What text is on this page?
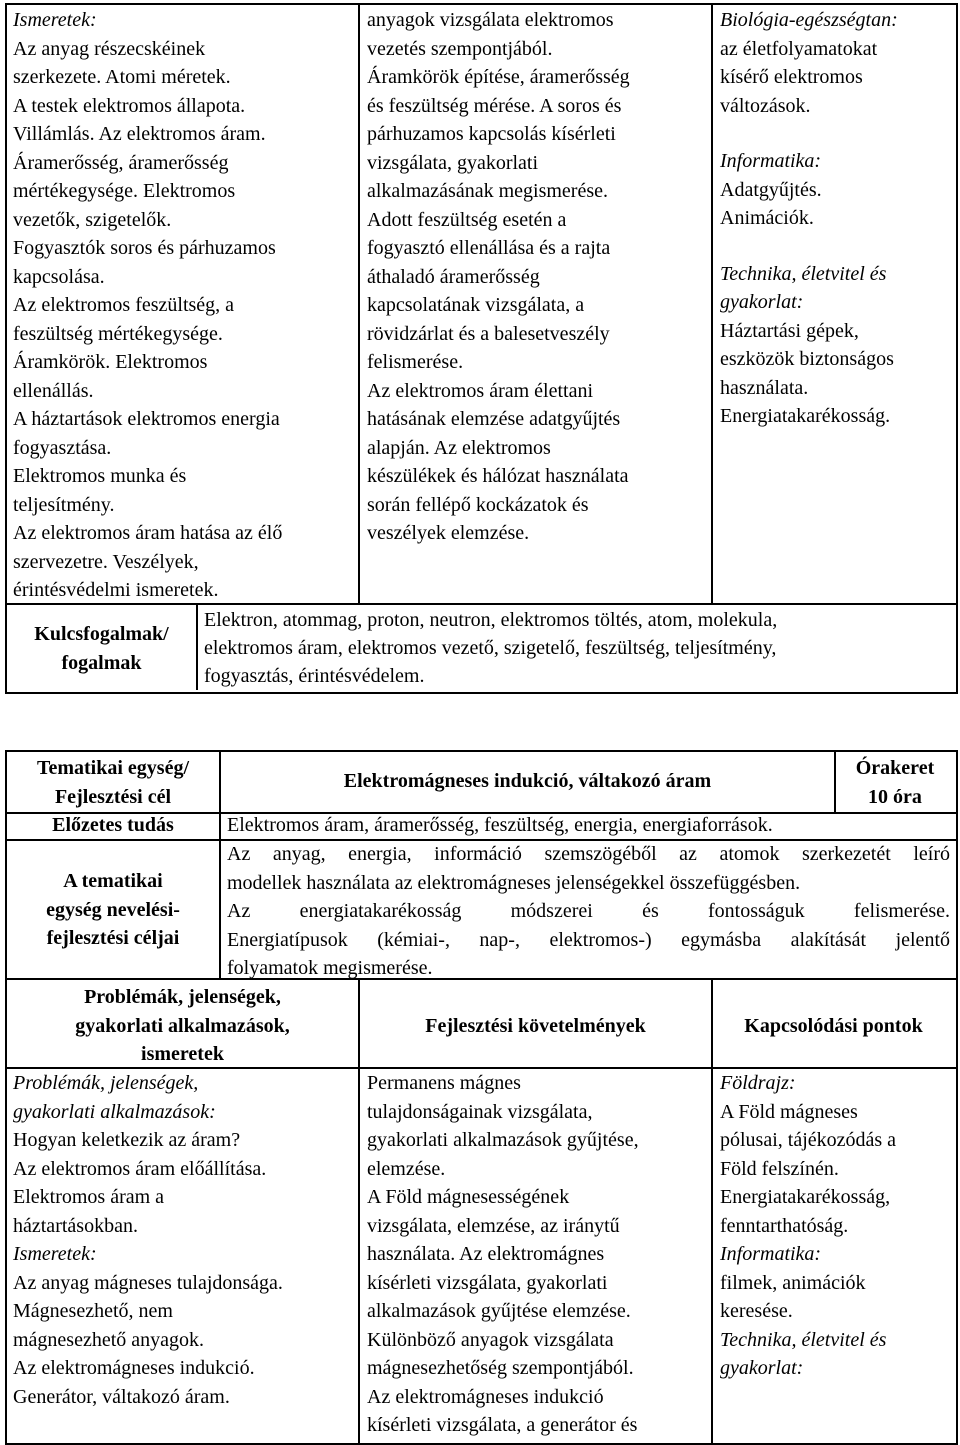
Ismeretek:
Az anyag részecskéinek
szerkezete. Atomi méretek.
A testek elektromos állapota.
Villámlás. Az elektromos áram.
Áramerősség, áramerősség
mértékegysége. Elektromos
vezetők, szigetelők.
Fogyasztók soros és párhuzamos
kapcsolása.
Az elektromos feszültség, a
feszültség mértékegysége.
Áramkörök. Elektromos
ellenállás.
A háztartások elektromos energia
fogyasztása.
Elektromos munka és
teljesítmény.
Az elektromos áram hatása az élő
szervezetre. Veszélyek,
érintésvédelmi ismeretek.
anyagok vizsgálata elektromos
vezetés szempontjából.
Áramkörök építése, áramerősség
és feszültség mérése. A soros és
párhuzamos kapcsolás kísérleti
vizsgálata, gyakorlati
alkalmazásának megismerése.
Adott feszültség esetén a
fogyasztó ellenállása és a rajta
áthaladó áramerősség
kapcsolatának vizsgálata, a
rövidzárlat és a balesetveszély
felismerése.
Az elektromos áram élettani
hatásának elemzése adatgyűjtés
alapján. Az elektromos
készülékek és hálózat használata
során fellépő kockázatok és
veszélyek elemzése.
Biológia-egészségtan:
az életfolyamatokat
kísérő elektromos
változások.
Informatika:
Adatgyűjtés.
Animációk.
Technika, életvitel és
gyakorlat:
Háztartási gépek,
eszközök biztonságos
használata.
Energiatakarékosság.
Kulcsfogalmak/
fogalmak
Elektron, atommag, proton, neutron, elektromos töltés, atom, molekula,
elektromos áram, elektromos vezető, szigetelő, feszültség, teljesítmény,
fogyasztás, érintésvédelem.
Tematikai egység/
Fejlesztési cél
Elektromágneses indukció, váltakozó áram
Órakeret
10 óra
Előzetes tudás	Elektromos áram, áramerősség, feszültség, energia, energiaforrások.
A tematikai
egység nevelési-
fejlesztési céljai
Az anyag, energia, információ szemszögéből az atomok szerkezetét leíró
modellek használata az elektromágneses jelenségekkel összefüggésben.
Az energiatakarékosság módszerei és fontosságuk felismerése.
Energiatípusok (kémiai-, nap-, elektromos-) egymásba alakítását jelentő
folyamatok megismerése.
Problémák, jelenségek,
gyakorlati alkalmazások,
ismeretek
Fejlesztési követelmények	Kapcsolódási pontok
Problémák, jelenségek,
gyakorlati alkalmazások:
Hogyan keletkezik az áram?
Az elektromos áram előállítása.
Elektromos áram a
háztartásokban.
Ismeretek:
Az anyag mágneses tulajdonsága.
Mágnesezhető, nem
mágnesezhető anyagok.
Az elektromágneses indukció.
Generátor, váltakozó áram.
Permanens mágnes
tulajdonságainak vizsgálata,
gyakorlati alkalmazások gyűjtése,
elemzése.
A Föld mágnesességének
vizsgálata, elemzése, az iránytű
használata. Az elektromágnes
kísérleti vizsgálata, gyakorlati
alkalmazások gyűjtése elemzése.
Különböző anyagok vizsgálata
mágnesezhetőség szempontjából.
Az elektromágneses indukció
kísérleti vizsgálata, a generátor és
Földrajz:
A Föld mágneses
pólusai, tájékozódás a
Föld felszínén.
Energiatakarékosság,
fenntarthatóság.
Informatika:
filmek, animációk
keresése.
Technika, életvitel és
gyakorlat:
